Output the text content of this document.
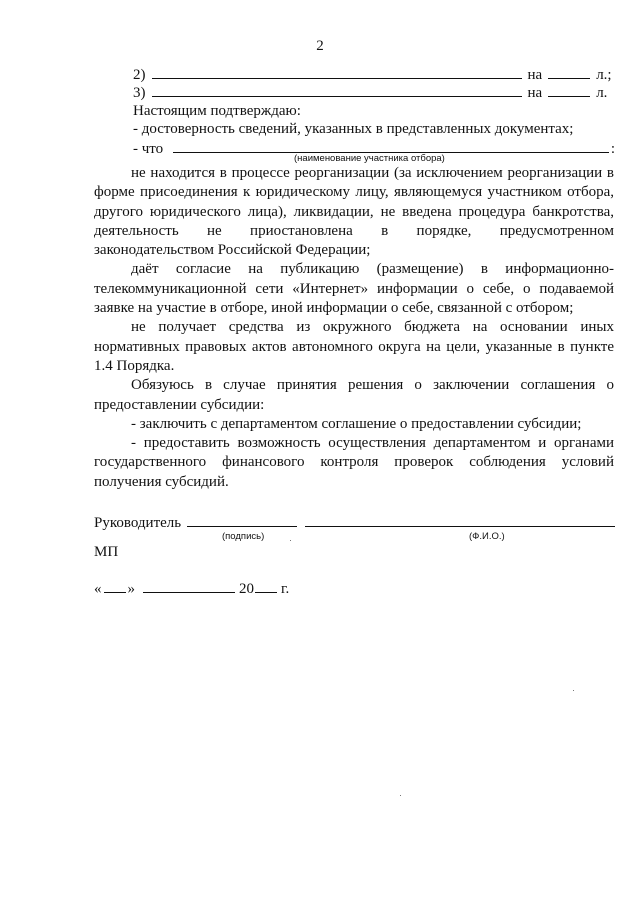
2
2)	на	л.;
3)	на	л.
Настоящим подтверждаю:
- достоверность сведений, указанных в представленных документах;
- что	:
(наименование участника отбора)

не находится в процессе реорганизации (за исключением реорганизации в форме присоединения к юридическому лицу, являющемуся участником отбора, другого юридического лица), ликвидации, не введена процедура банкротства, деятельность не приостановлена в порядке, предусмотренном законодательством Российской Федерации;

даёт согласие на публикацию (размещение) в информационно-телекоммуникационной сети «Интернет» информации о себе, о подаваемой заявке на участие в отборе, иной информации о себе, связанной с отбором;

не получает средства из окружного бюджета на основании иных нормативных правовых актов автономного округа на цели, указанные в пункте 1.4 Порядка.

Обязуюсь в случае принятия решения о заключении соглашения о предоставлении субсидии:

- заключить с департаментом соглашение о предоставлении субсидии;

- предоставить возможность осуществления департаментом и органами государственного финансового контроля проверок соблюдения условий получения субсидий.

Руководитель
(подпись)	(Ф.И.О.)
МП
« »	20 г.
